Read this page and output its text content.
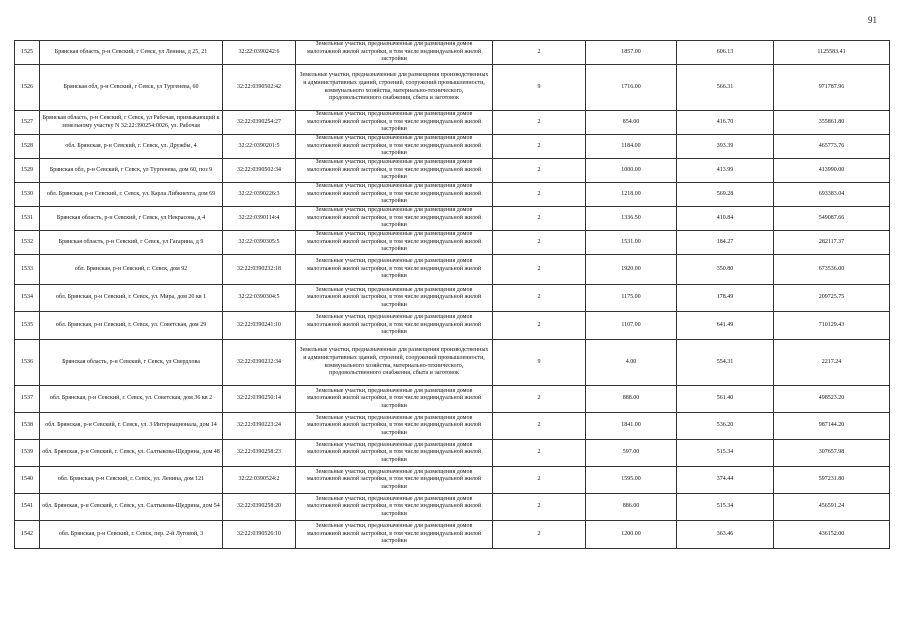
91
1525	Брянская область, р-н Севский, г Севск, ул Ленина, д 25, 21	32:22:0390242:6	Земельные участки, предназначенные для размещения домов малоэтажной жилой застройки, в том числе индивидуальной жилой застройки	2	1857.00	606.13	1125583.41
1526	Брянская обл, р-н Севский, г Севск, ул Тургенева, 60	32:22:0390502:42	Земельные участки, предназначенные для размещения производственных и административных зданий, строений, сооружений промышленности, коммунального хозяйства, материально-технического, продовольственного снабжения, сбыта и заготовок	9	1716.00	566.31	971787.96
1527	Брянская область, р-н Севский, г Севск, ул Рабочая, примыкающий к земельному участку N 32:22:390254:0026, ул. Рабочая	32:22:0390254:27	Земельные участки, предназначенные для размещения домов малоэтажной жилой застройки, в том числе индивидуальной жилой застройки	2	854.00	416.70	355861.80
1528	обл. Брянская, р-н Севский, г. Севск, ул. Дружбы, 4	32:22:0390201:5	Земельные участки, предназначенные для размещения домов малоэтажной жилой застройки, в том числе индивидуальной жилой застройки	2	1184.00	393.39	465773.76
1529	Брянская обл, р-н Севский, г Севск, ул Тургенева, дом 60, поз 9	32:22:0390502:34	Земельные участки, предназначенные для размещения домов малоэтажной жилой застройки, в том числе индивидуальной жилой застройки	2	1000.00	413.99	413990.00
1530	обл. Брянская, р-н Севский, г. Севск, ул. Карла Либкнехта, дом 69	32:22:0390226:3	Земельные участки, предназначенные для размещения домов малоэтажной жилой застройки, в том числе индивидуальной жилой застройки	2	1218.00	569.28	693383.04
1531	Брянская область, р-н Севский, г Севск, ул Некрасова, д 4	32:22:0390114:4	Земельные участки, предназначенные для размещения домов малоэтажной жилой застройки, в том числе индивидуальной жилой застройки	2	1336.50	410.84	549087.66
1532	Брянская область, р-н Севский, г Севск, ул Гагарина, д 9	32:22:0390305:5	Земельные участки, предназначенные для размещения домов малоэтажной жилой застройки, в том числе индивидуальной жилой застройки	2	1531.00	184.27	282117.37
1533	обл. Брянская, р-н Севский, г. Севск, дом 92	32:22:0390232:18	Земельные участки, предназначенные для размещения домов малоэтажной жилой застройки, в том числе индивидуальной жилой застройки	2	1920.00	350.80	673536.00
1534	обл. Брянская, р-н Севский, г. Севск, ул. Мира, дом 20 кв 1	32:22:0390304:5	Земельные участки, предназначенные для размещения домов малоэтажной жилой застройки, в том числе индивидуальной жилой застройки	2	1175.00	178.49	209725.75
1535	обл. Брянская, р-н Севский, г. Севск, ул. Советская, дом 29	32:22:0390241:10	Земельные участки, предназначенные для размещения домов малоэтажной жилой застройки, в том числе индивидуальной жилой застройки	2	1107.00	641.49	710129.43
1536	Брянская область, р-н Севский, г Севск, ул Свердлова	32:22:0390232:34	Земельные участки, предназначенные для размещения производственных и административных зданий, строений, сооружений промышленности, коммунального хозяйства, материально-технического, продовольственного снабжения, сбыта и заготовок	9	4.00	554.31	2217.24
1537	обл. Брянская, р-н Севский, г. Севск, ул. Советская, дом 36 кв 2	32:22:0390250:14	Земельные участки, предназначенные для размещения домов малоэтажной жилой застройки, в том числе индивидуальной жилой застройки	2	888.00	561.40	498523.20
1538	обл. Брянская, р-н Севский, г. Севск, ул. 3 Интернационала, дом 14	32:22:0390223:24	Земельные участки, предназначенные для размещения домов малоэтажной жилой застройки, в том числе индивидуальной жилой застройки	2	1841.00	536.20	987144.20
1539	обл. Брянская, р-н Севский, г. Севск, ул. Салтыкова-Щедрина, дом 48	32:22:0390258:23	Земельные участки, предназначенные для размещения домов малоэтажной жилой застройки, в том числе индивидуальной жилой застройки	2	597.00	515.34	307657.98
1540	обл. Брянская, р-н Севский, г. Севск, ул. Ленина, дом 121	32:22:0390524:2	Земельные участки, предназначенные для размещения домов малоэтажной жилой застройки, в том числе индивидуальной жилой застройки	2	1595.00	374.44	597231.80
1541	обл. Брянская, р-н Севский, г. Севск, ул. Салтыкова-Щедрина, дом 54	32:22:0390258:20	Земельные участки, предназначенные для размещения домов малоэтажной жилой застройки, в том числе индивидуальной жилой застройки	2	886.00	515.34	456591.24
1542	обл. Брянская, р-н Севский, г. Севск, пер. 2-й Луговой, 3	32:22:0390526:10	Земельные участки, предназначенные для размещения домов малоэтажной жилой застройки, в том числе индивидуальной жилой застройки	2	1200.00	363.46	436152.00
